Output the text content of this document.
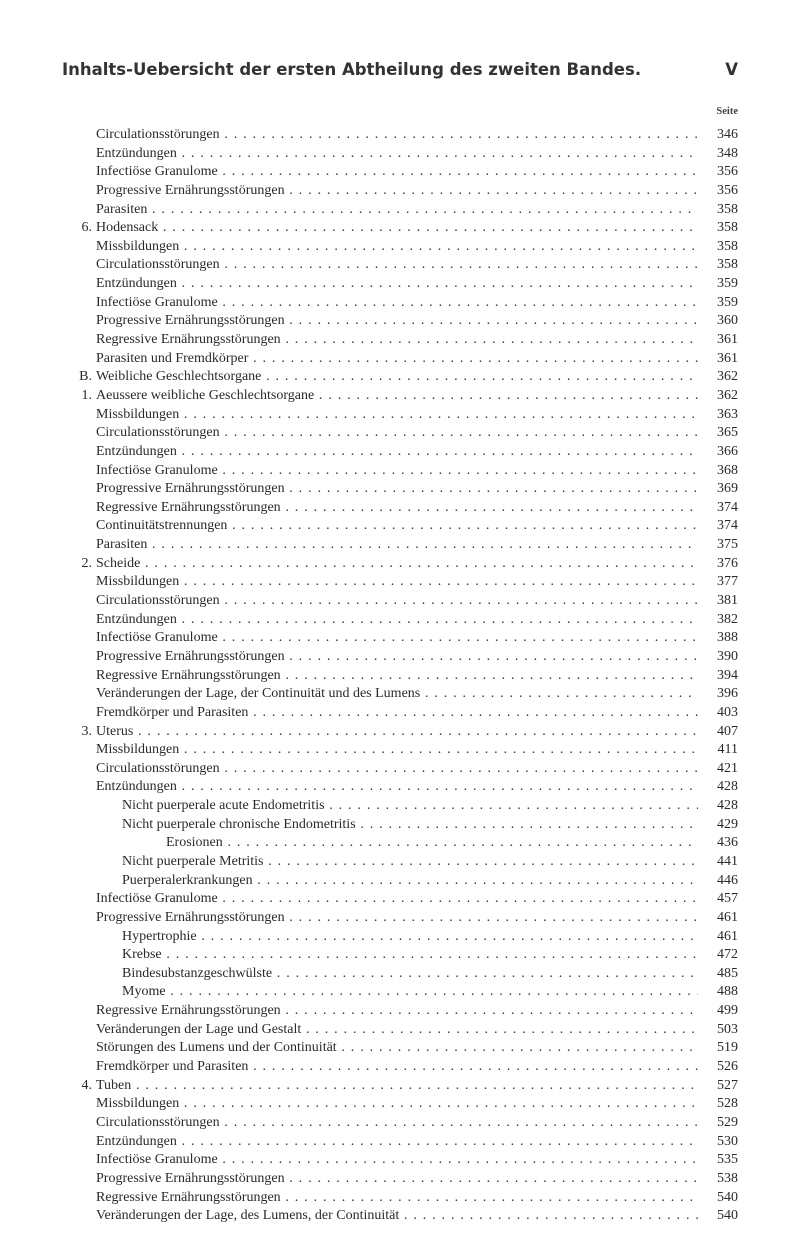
Inhalts-Uebersicht der ersten Abtheilung des zweiten Bandes.	V
Seite
Circulationsstörungen . . .	346
Entzündungen . . .	348
Infectiöse Granulome . . .	356
Progressive Ernährungsstörungen . . .	356
Parasiten . . .	358
6. Hodensack . . .	358
Missbildungen . . .	358
Circulationsstörungen . . .	358
Entzündungen . . .	359
Infectiöse Granulome . . .	359
Progressive Ernährungsstörungen . . .	360
Regressive Ernährungsstörungen . . .	361
Parasiten und Fremdkörper . . .	361
B. Weibliche Geschlechtsorgane . . .	362
1. Aeussere weibliche Geschlechtsorgane . . .	362
Missbildungen . . .	363
Circulationsstörungen . . .	365
Entzündungen . . .	366
Infectiöse Granulome . . .	368
Progressive Ernährungsstörungen . . .	369
Regressive Ernährungsstörungen . . .	374
Continuitätstrennungen . . .	374
Parasiten . . .	375
2. Scheide . . .	376
Missbildungen . . .	377
Circulationsstörungen . . .	381
Entzündungen . . .	382
Infectiöse Granulome . . .	388
Progressive Ernährungsstörungen . . .	390
Regressive Ernährungsstörungen . . .	394
Veränderungen der Lage, der Continuität und des Lumens . . .	396
Fremdkörper und Parasiten . . .	403
3. Uterus . . .	407
Missbildungen . . .	411
Circulationsstörungen . . .	421
Entzündungen . . .	428
Nicht puerperale acute Endometritis . . .	428
Nicht puerperale chronische Endometritis . . .	429
Erosionen . . .	436
Nicht puerperale Metritis . . .	441
Puerperalerkrankungen . . .	446
Infectiöse Granulome . . .	457
Progressive Ernährungsstörungen . . .	461
Hypertrophie . . .	461
Krebse . . .	472
Bindesubstanzgeschwülste . . .	485
Myome . . .	488
Regressive Ernährungsstörungen . . .	499
Veränderungen der Lage und Gestalt . . .	503
Störungen des Lumens und der Continuität . . .	519
Fremdkörper und Parasiten . . .	526
4. Tuben . . .	527
Missbildungen . . .	528
Circulationsstörungen . . .	529
Entzündungen . . .	530
Infectiöse Granulome . . .	535
Progressive Ernährungsstörungen . . .	538
Regressive Ernährungsstörungen . . .	540
Veränderungen der Lage, des Lumens, der Continuität . . .	540
